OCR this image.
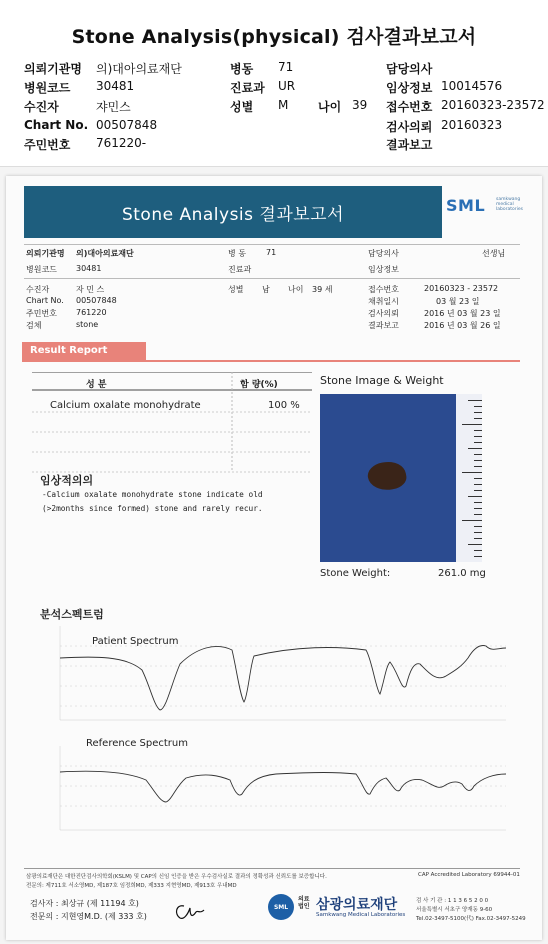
Stone Analysis(physical) 검사결과보고서
의뢰기관명 의)대아의료재단
병원코드 30481
수진자	쟈민스
Chart No. 00507848
주민번호 761220-
병동 71
진료과 UR
성별 M 나이 39
담당의사
임상정보 10014576
접수번호 20160323-23572
검사의뢰 20160323
결과보고
Stone Analysis 결과보고서	SML samkwang medical laboratories
의뢰기관명 의)대아의료재단
병원코드 30481
수진자	자 민 스
Chart No. 00507848
주민번호 761220
검체	stone
병 동	71
진료과
성별 남 나이 39 세
담당의사	선생님
임상정보
접수번호	20160323 - 23572
채취일시	03 월 23 일
검사의뢰	2016 년 03 월 23 일
결과보고	2016 년 03 월 26 일
Result Report
성 분	함 량(%)
Calcium oxalate monohydrate	100 %
Stone Image & Weight
Stone Weight:	261.0 mg
임상적의의
-Calcium oxalate monohydrate stone indicate old
(>2months since formed) stone and rarely recur.
분석스펙트럼
Patient Spectrum
Reference Spectrum
삼광의료재단은 대한진단검사의학회(KSLM) 및 CAP의 신임 인증을 받은 우수검사실로 결과의 정확성과 신뢰도를 보증합니다.
전문의: 제711호 서소영MD, 제187호 임정희MD, 제333 지현영MD, 제913호 우내MD
CAP Accredited Laboratory 69944-01
검사자 : 최상규 (제 11194 호)
전문의 : 지현영M.D. (제 333 호)
SML
의료
법인 삼광의료재단
Samkwang Medical Laboratories
검 사 기 관 : 1 1 3 6 5 2 0 0
서울특별시 서초구 양재동 9-60
Tel.02-3497-5100(代) Fax.02-3497-5249
